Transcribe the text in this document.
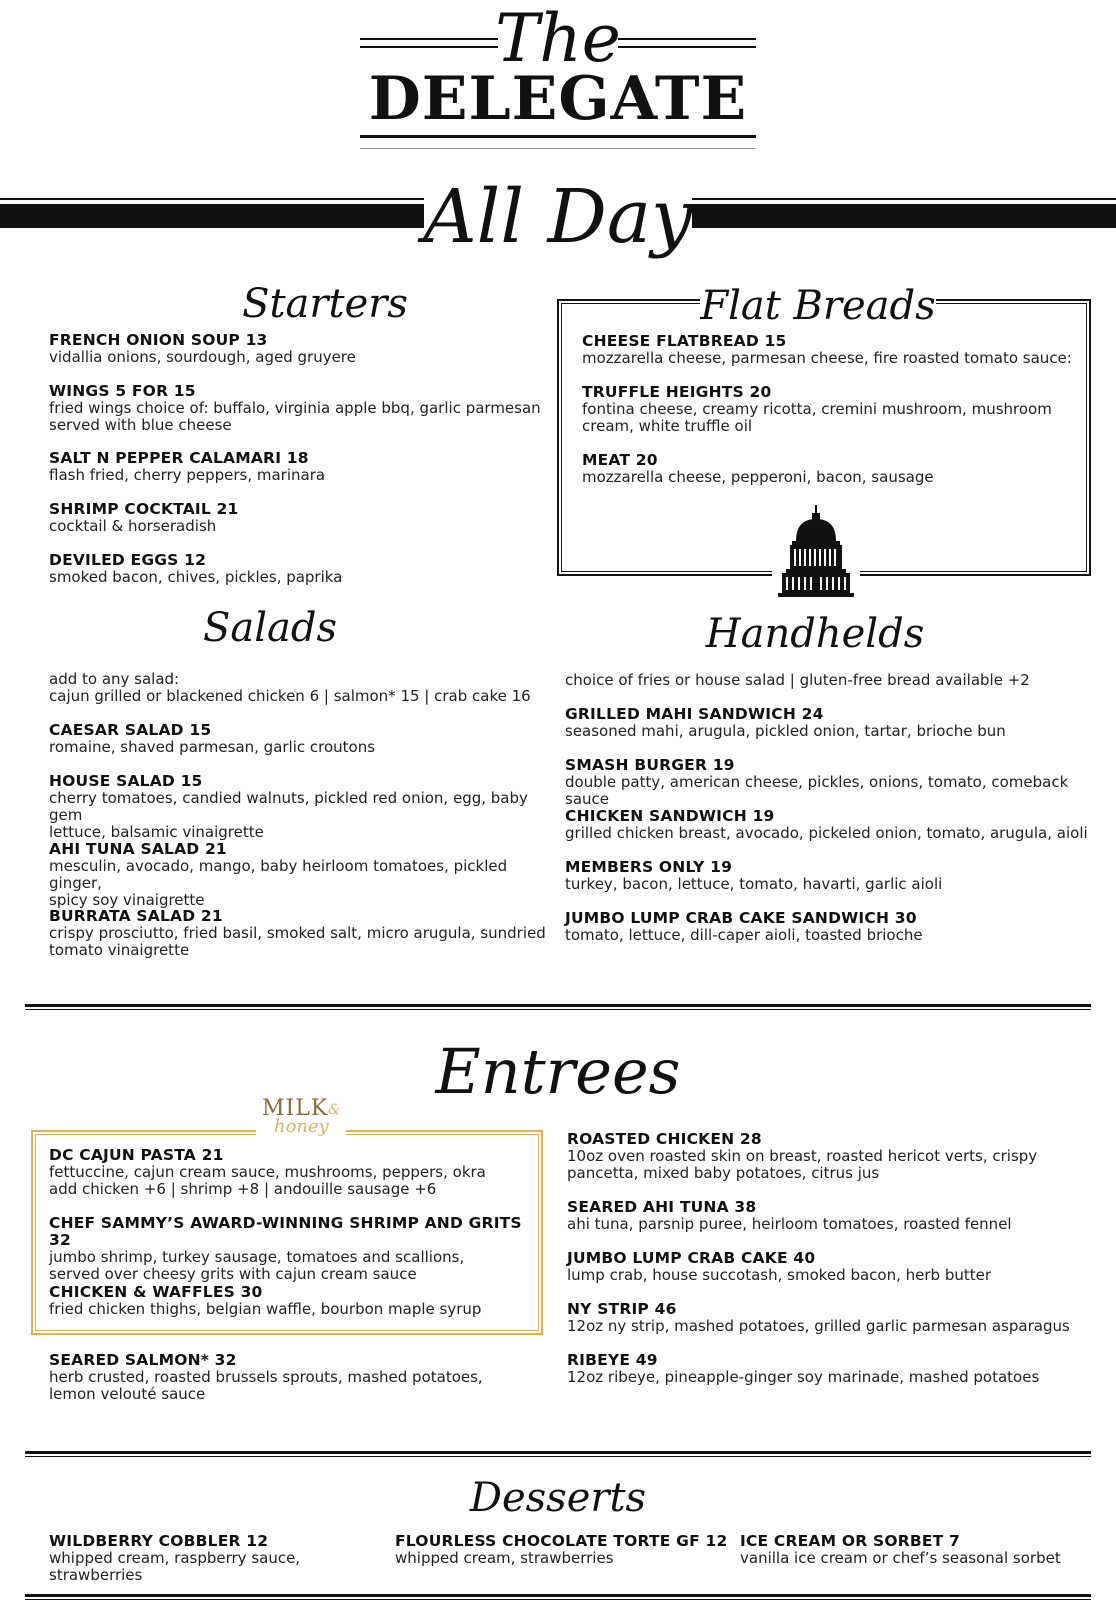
The
DELEGATE
All Day
Starters
FRENCH ONION SOUP 13
vidallia onions, sourdough, aged gruyere
WINGS 5 FOR 15
fried wings choice of: buffalo, virginia apple bbq, garlic parmesan
served with blue cheese
SALT N PEPPER CALAMARI 18
flash fried, cherry peppers, marinara
SHRIMP COCKTAIL 21
cocktail & horseradish
DEVILED EGGS 12
smoked bacon, chives, pickles, paprika
Flat Breads
CHEESE FLATBREAD 15
mozzarella cheese, parmesan cheese, fire roasted tomato sauce:
TRUFFLE HEIGHTS 20
fontina cheese, creamy ricotta, cremini mushroom, mushroom
cream, white truffle oil
MEAT 20
mozzarella cheese, pepperoni, bacon, sausage
Salads
add to any salad:
cajun grilled or blackened chicken 6 | salmon* 15 | crab cake 16
CAESAR SALAD 15
romaine, shaved parmesan, garlic croutons
HOUSE SALAD 15
cherry tomatoes, candied walnuts, pickled red onion, egg, baby gem
lettuce, balsamic vinaigrette
AHI TUNA SALAD 21
mesculin, avocado, mango, baby heirloom tomatoes, pickled ginger,
spicy soy vinaigrette
BURRATA SALAD 21
crispy prosciutto, fried basil, smoked salt, micro arugula, sundried
tomato vinaigrette
Handhelds
choice of fries or house salad | gluten-free bread available +2
GRILLED MAHI SANDWICH 24
seasoned mahi, arugula, pickled onion, tartar, brioche bun
SMASH BURGER 19
double patty, american cheese, pickles, onions, tomato, comeback sauce
CHICKEN SANDWICH 19
grilled chicken breast, avocado, pickeled onion, tomato, arugula, aioli
MEMBERS ONLY 19
turkey, bacon, lettuce, tomato, havarti, garlic aioli
JUMBO LUMP CRAB CAKE SANDWICH 30
tomato, lettuce, dill-caper aioli, toasted brioche
Entrees
MILK
honey
&
DC CAJUN PASTA 21
fettuccine, cajun cream sauce, mushrooms, peppers, okra
add chicken +6 | shrimp +8 | andouille sausage +6
CHEF SAMMY’S AWARD-WINNING SHRIMP AND GRITS 32
jumbo shrimp, turkey sausage, tomatoes and scallions,
served over cheesy grits with cajun cream sauce
CHICKEN & WAFFLES 30
fried chicken thighs, belgian waffle, bourbon maple syrup
SEARED SALMON* 32
herb crusted, roasted brussels sprouts, mashed potatoes,
lemon velouté sauce
ROASTED CHICKEN 28
10oz oven roasted skin on breast, roasted hericot verts, crispy
pancetta, mixed baby potatoes, citrus jus
SEARED AHI TUNA 38
ahi tuna, parsnip puree, heirloom tomatoes, roasted fennel
JUMBO LUMP CRAB CAKE 40
lump crab, house succotash, smoked bacon, herb butter
NY STRIP 46
12oz ny strip, mashed potatoes, grilled garlic parmesan asparagus
RIBEYE 49
12oz ribeye, pineapple-ginger soy marinade, mashed potatoes
Desserts
WILDBERRY COBBLER 12
whipped cream, raspberry sauce, strawberries
FLOURLESS CHOCOLATE TORTE GF 12
whipped cream, strawberries
ICE CREAM OR SORBET 7
vanilla ice cream or chef’s seasonal sorbet
